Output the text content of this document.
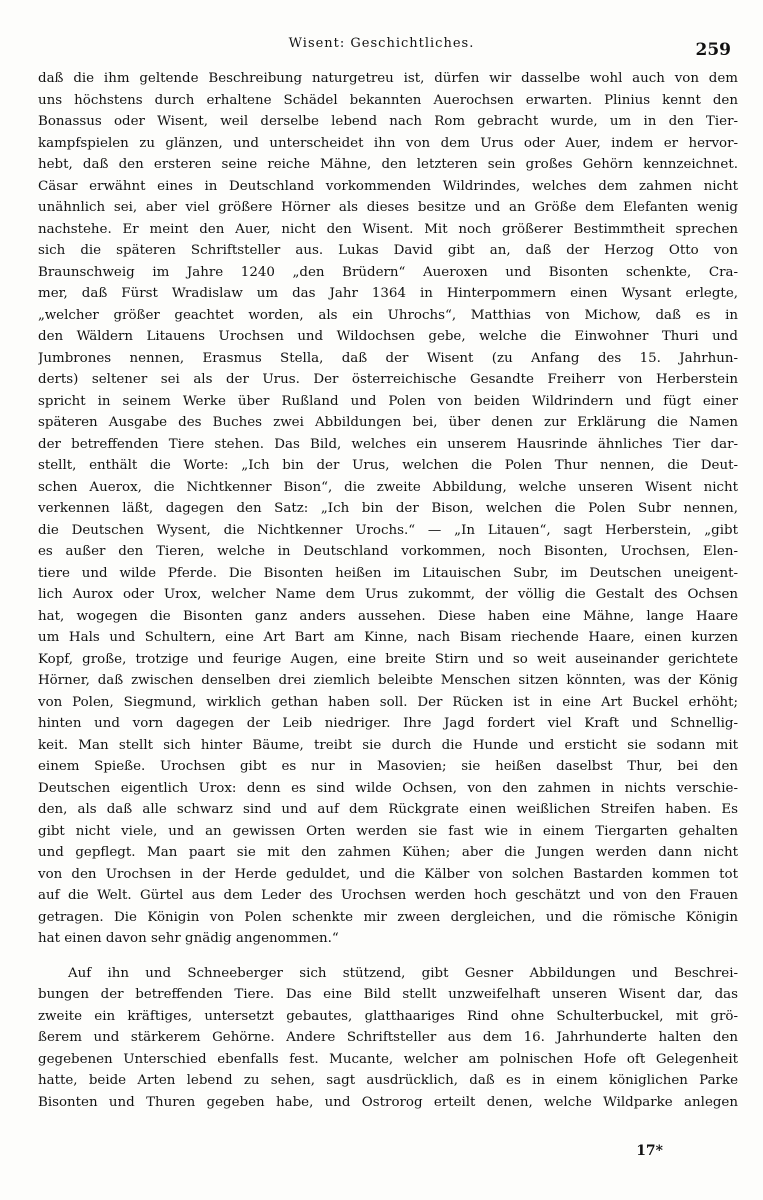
Wisent: Geschichtliches.	259
daß die ihm geltende Beschreibung naturgetreu ist, dürfen wir dasselbe wohl auch von dem
uns höchstens durch erhaltene Schädel bekannten Auerochsen erwarten. Plinius kennt den
Bonassus oder Wisent, weil derselbe lebend nach Rom gebracht wurde, um in den Tier-
kampfspielen zu glänzen, und unterscheidet ihn von dem Urus oder Auer, indem er hervor-
hebt, daß den ersteren seine reiche Mähne, den letzteren sein großes Gehörn kennzeichnet.
Cäsar erwähnt eines in Deutschland vorkommenden Wildrindes, welches dem zahmen nicht
unähnlich sei, aber viel größere Hörner als dieses besitze und an Größe dem Elefanten wenig
nachstehe. Er meint den Auer, nicht den Wisent. Mit noch größerer Bestimmtheit sprechen
sich die späteren Schriftsteller aus. Lukas David gibt an, daß der Herzog Otto von
Braunschweig im Jahre 1240 „den Brüdern“ Aueroxen und Bisonten schenkte, Cra-
mer, daß Fürst Wradislaw um das Jahr 1364 in Hinterpommern einen Wysant erlegte,
„welcher größer geachtet worden, als ein Uhrochs“, Matthias von Michow, daß es in
den Wäldern Litauens Urochsen und Wildochsen gebe, welche die Einwohner Thuri und
Jumbrones nennen, Erasmus Stella, daß der Wisent (zu Anfang des 15. Jahrhun-
derts) seltener sei als der Urus. Der österreichische Gesandte Freiherr von Herberstein
spricht in seinem Werke über Rußland und Polen von beiden Wildrindern und fügt einer
späteren Ausgabe des Buches zwei Abbildungen bei, über denen zur Erklärung die Namen
der betreffenden Tiere stehen. Das Bild, welches ein unserem Hausrinde ähnliches Tier dar-
stellt, enthält die Worte: „Ich bin der Urus, welchen die Polen Thur nennen, die Deut-
schen Auerox, die Nichtkenner Bison“, die zweite Abbildung, welche unseren Wisent nicht
verkennen läßt, dagegen den Satz: „Ich bin der Bison, welchen die Polen Subr nennen,
die Deutschen Wysent, die Nichtkenner Urochs.“ — „In Litauen“, sagt Herberstein, „gibt
es außer den Tieren, welche in Deutschland vorkommen, noch Bisonten, Urochsen, Elen-
tiere und wilde Pferde. Die Bisonten heißen im Litauischen Subr, im Deutschen uneigent-
lich Aurox oder Urox, welcher Name dem Urus zukommt, der völlig die Gestalt des Ochsen
hat, wogegen die Bisonten ganz anders aussehen. Diese haben eine Mähne, lange Haare
um Hals und Schultern, eine Art Bart am Kinne, nach Bisam riechende Haare, einen kurzen
Kopf, große, trotzige und feurige Augen, eine breite Stirn und so weit auseinander gerichtete
Hörner, daß zwischen denselben drei ziemlich beleibte Menschen sitzen könnten, was der König
von Polen, Siegmund, wirklich gethan haben soll. Der Rücken ist in eine Art Buckel erhöht;
hinten und vorn dagegen der Leib niedriger. Ihre Jagd fordert viel Kraft und Schnellig-
keit. Man stellt sich hinter Bäume, treibt sie durch die Hunde und ersticht sie sodann mit
einem Spieße. Urochsen gibt es nur in Masovien; sie heißen daselbst Thur, bei den
Deutschen eigentlich Urox: denn es sind wilde Ochsen, von den zahmen in nichts verschie-
den, als daß alle schwarz sind und auf dem Rückgrate einen weißlichen Streifen haben. Es
gibt nicht viele, und an gewissen Orten werden sie fast wie in einem Tiergarten gehalten
und gepflegt. Man paart sie mit den zahmen Kühen; aber die Jungen werden dann nicht
von den Urochsen in der Herde geduldet, und die Kälber von solchen Bastarden kommen tot
auf die Welt. Gürtel aus dem Leder des Urochsen werden hoch geschätzt und von den Frauen
getragen. Die Königin von Polen schenkte mir zween dergleichen, und die römische Königin
hat einen davon sehr gnädig angenommen.“
Auf ihn und Schneeberger sich stützend, gibt Gesner Abbildungen und Beschrei-
bungen der betreffenden Tiere. Das eine Bild stellt unzweifelhaft unseren Wisent dar, das
zweite ein kräftiges, untersetzt gebautes, glatthaariges Rind ohne Schulterbuckel, mit grö-
ßerem und stärkerem Gehörne. Andere Schriftsteller aus dem 16. Jahrhunderte halten den
gegebenen Unterschied ebenfalls fest. Mucante, welcher am polnischen Hofe oft Gelegenheit
hatte, beide Arten lebend zu sehen, sagt ausdrücklich, daß es in einem königlichen Parke
Bisonten und Thuren gegeben habe, und Ostrorog erteilt denen, welche Wildparke anlegen
17*
